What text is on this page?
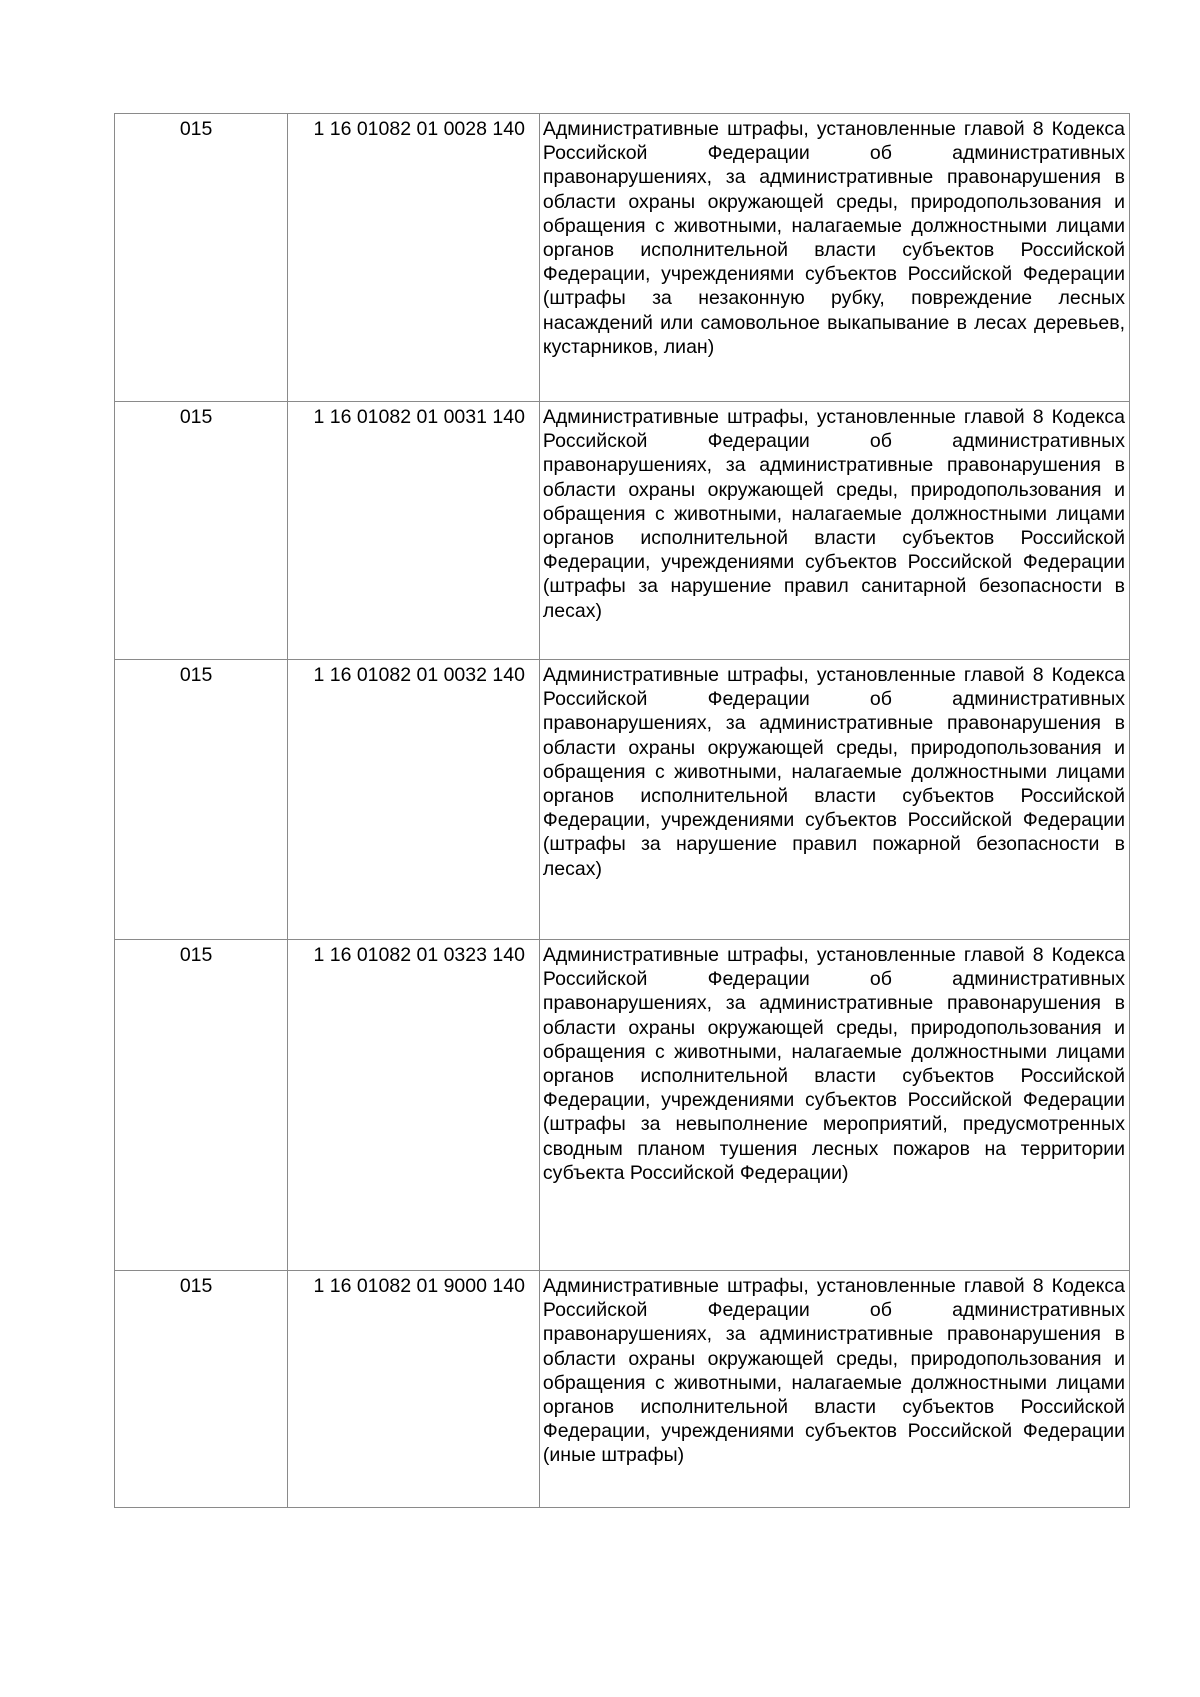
015	1 16 01082 01 0028 140	Административные штрафы, установленные главой 8 Кодекса Российской Федерации об административных правонарушениях, за административные правонарушения в области охраны окружающей среды, природопользования и обращения с животными, налагаемые должностными лицами органов исполнительной власти субъектов Российской Федерации, учреждениями субъектов Российской Федерации (штрафы за незаконную рубку, повреждение лесных насаждений или самовольное выкапывание в лесах деревьев, кустарников, лиан)
015	1 16 01082 01 0031 140	Административные штрафы, установленные главой 8 Кодекса Российской Федерации об административных правонарушениях, за административные правонарушения в области охраны окружающей среды, природопользования и обращения с животными, налагаемые должностными лицами органов исполнительной власти субъектов Российской Федерации, учреждениями субъектов Российской Федерации (штрафы за нарушение правил санитарной безопасности в лесах)
015	1 16 01082 01 0032 140	Административные штрафы, установленные главой 8 Кодекса Российской Федерации об административных правонарушениях, за административные правонарушения в области охраны окружающей среды, природопользования и обращения с животными, налагаемые должностными лицами органов исполнительной власти субъектов Российской Федерации, учреждениями субъектов Российской Федерации (штрафы за нарушение правил пожарной безопасности в лесах)
015	1 16 01082 01 0323 140	Административные штрафы, установленные главой 8 Кодекса Российской Федерации об административных правонарушениях, за административные правонарушения в области охраны окружающей среды, природопользования и обращения с животными, налагаемые должностными лицами органов исполнительной власти субъектов Российской Федерации, учреждениями субъектов Российской Федерации (штрафы за невыполнение мероприятий, предусмотренных сводным планом тушения лесных пожаров на территории субъекта Российской Федерации)
015	1 16 01082 01 9000 140	Административные штрафы, установленные главой 8 Кодекса Российской Федерации об административных правонарушениях, за административные правонарушения в области охраны окружающей среды, природопользования и обращения с животными, налагаемые должностными лицами органов исполнительной власти субъектов Российской Федерации, учреждениями субъектов Российской Федерации (иные штрафы)
